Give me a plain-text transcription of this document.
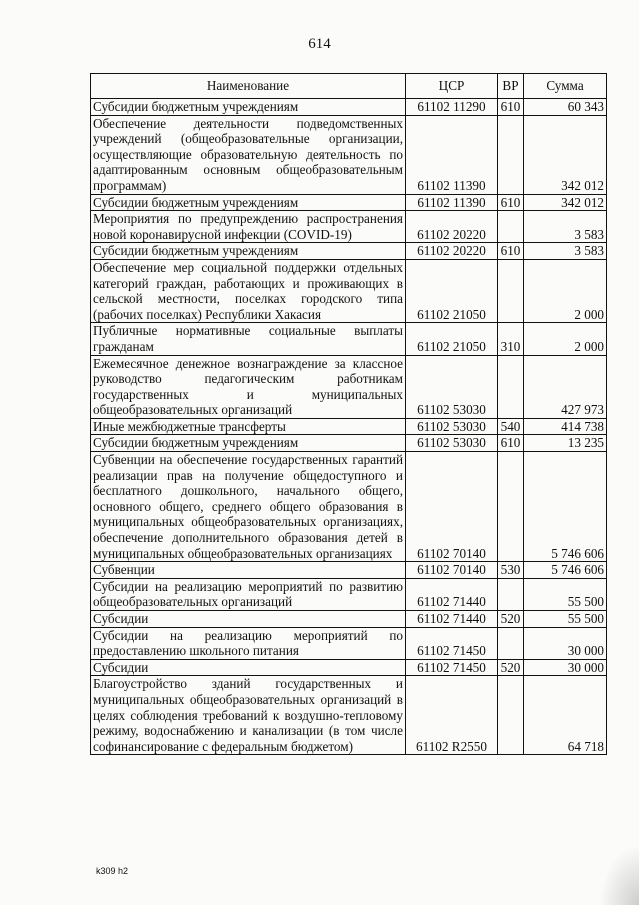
614
Наименование	ЦСР	ВР	Сумма
Субсидии бюджетным учреждениям	61102 11290	610	60 343
Обеспечение деятельности подведомственных учреждений (общеобразовательные организации, осуществляющие образовательную деятельность по адаптированным основным общеобразовательным программам)	61102 11390		342 012
Субсидии бюджетным учреждениям	61102 11390	610	342 012
Мероприятия по предупреждению распространения новой коронавирусной инфекции (COVID-19)	61102 20220		3 583
Субсидии бюджетным учреждениям	61102 20220	610	3 583
Обеспечение мер социальной поддержки отдельных категорий граждан, работающих и проживающих в сельской местности, поселках городского типа (рабочих поселках) Республики Хакасия	61102 21050		2 000
Публичные нормативные социальные выплаты гражданам	61102 21050	310	2 000
Ежемесячное денежное вознаграждение за классное руководство педагогическим работникам государственных и муниципальных общеобразовательных организаций	61102 53030		427 973
Иные межбюджетные трансферты	61102 53030	540	414 738
Субсидии бюджетным учреждениям	61102 53030	610	13 235
Субвенции на обеспечение государственных гарантий реализации прав на получение общедоступного и бесплатного дошкольного, начального общего, основного общего, среднего общего образования в муниципальных общеобразовательных организациях, обеспечение дополнительного образования детей в муниципальных общеобразовательных организациях	61102 70140		5 746 606
Субвенции	61102 70140	530	5 746 606
Субсидии на реализацию мероприятий по развитию общеобразовательных организаций	61102 71440		55 500
Субсидии	61102 71440	520	55 500
Субсидии на реализацию мероприятий по предоставлению школьного питания	61102 71450		30 000
Субсидии	61102 71450	520	30 000
Благоустройство зданий государственных и муниципальных общеобразовательных организаций в целях соблюдения требований к воздушно-тепловому режиму, водоснабжению и канализации (в том числе софинансирование с федеральным бюджетом)	61102 R2550		64 718
k309 h2
